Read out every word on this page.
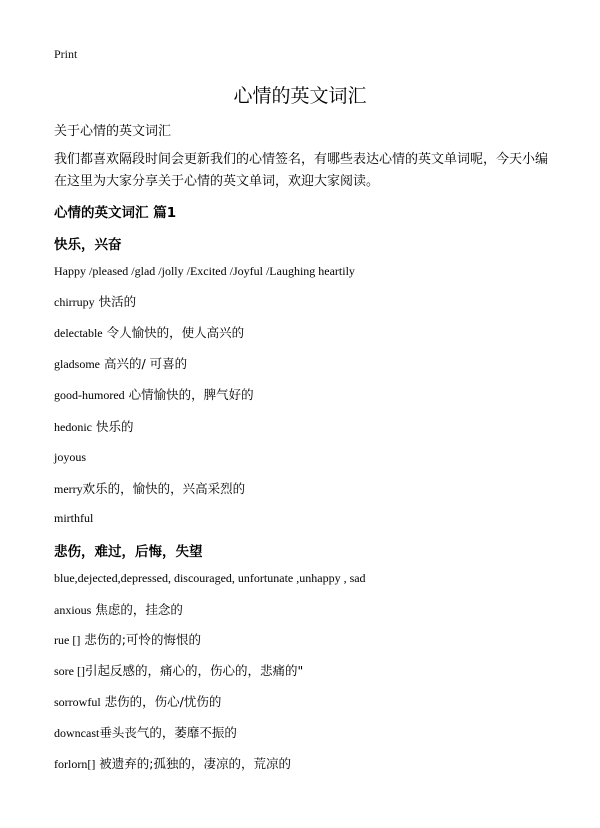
Print
心情的英文词汇
关于心情的英文词汇
我们都喜欢隔段时间会更新我们的心情签名，有哪些表达心情的英文单词呢，今天小编在这里为大家分享关于心情的英文单词，欢迎大家阅读。
心情的英文词汇 篇1
快乐，兴奋
Happy /pleased /glad /jolly /Excited /Joyful /Laughing heartily
chirrupy 快活的
delectable 令人愉快的，使人高兴的
gladsome 高兴的/ 可喜的
good-humored 心情愉快的，脾气好的
hedonic 快乐的
joyous
merry欢乐的，愉快的，兴高采烈的
mirthful
悲伤，难过，后悔，失望
blue,dejected,depressed, discouraged, unfortunate ,unhappy , sad
anxious 焦虑的，挂念的
rue [] 悲伤的;可怜的悔恨的
sore []引起反感的，痛心的，伤心的，悲痛的"
sorrowful 悲伤的，伤心/忧伤的
downcast垂头丧气的，萎靡不振的
forlorn[] 被遗弃的;孤独的，凄凉的，荒凉的
